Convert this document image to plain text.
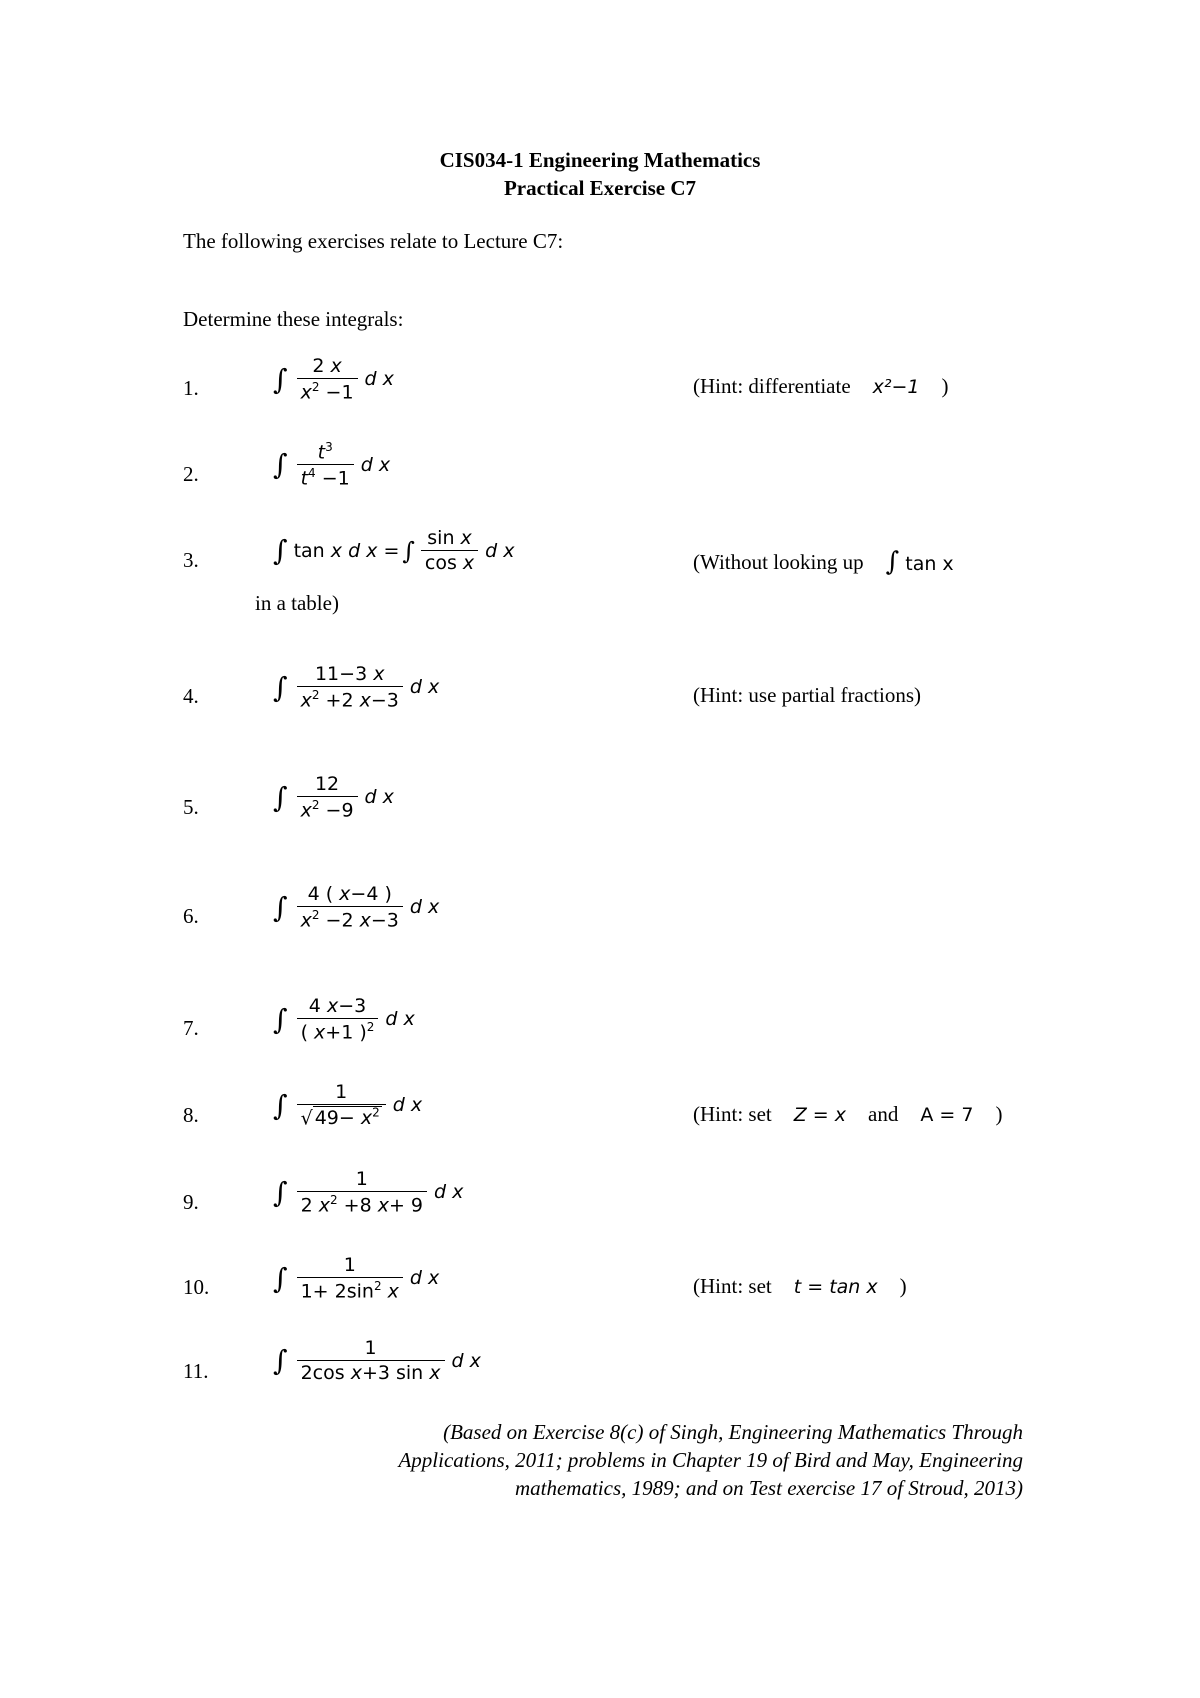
CIS034-1 Engineering Mathematics
Practical Exercise C7
The following exercises relate to Lecture C7:
Determine these integrals:
1.	∫ $\frac{2 x}{x^2 -1}$ d x	(Hint: differentiate x²−1 )
2.	∫ $\frac{t^3}{t^4 -1}$ d x
3.	∫ tan x d x = ∫ $\frac{\text{sin x}}{\text{cos x}}$ d x	(Without looking up ∫ tan x
in a table)
4.	∫ $\frac{11-3 x}{x^2 +2 x-3}$ d x	(Hint: use partial fractions)
5.	∫ $\frac{12}{x^2 -9}$ d x
6.	∫ $\frac{4 ( x-4 )}{x^2 -2 x-3}$ d x
7.	∫ $\frac{4 x-3}{( x+1 )^2}$ d x
8.	∫ $\frac{1}{√ 49- x^2}$ d x	(Hint: set Z = x and A = 7 )
9.	∫ $\frac{1}{2 x^2 +8 x+ 9}$ d x
10. ∫ $\frac{1}{1+ 2\sin^2 x}$ d x	(Hint: set t = tan x )
11. ∫ $\frac{1}{\text{2cos x+3 sin x}}$ d x
(Based on Exercise 8(c) of Singh, Engineering Mathematics Through
Applications, 2011; problems in Chapter 19 of Bird and May, Engineering
mathematics, 1989; and on Test exercise 17 of Stroud, 2013)
